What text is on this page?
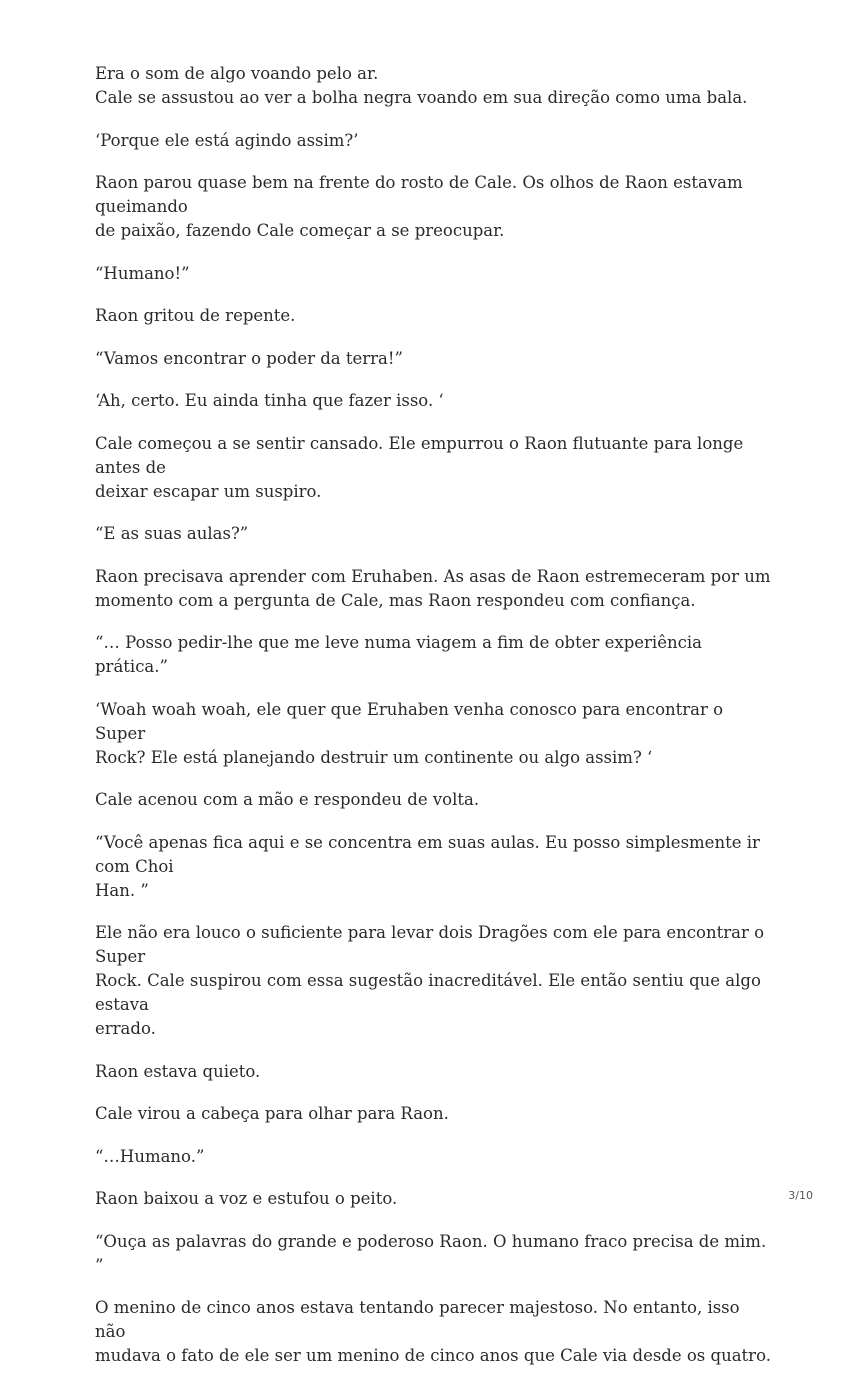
Era o som de algo voando pelo ar.
Cale se assustou ao ver a bolha negra voando em sua direção como uma bala.

‘Porque ele está agindo assim?’

Raon parou quase bem na frente do rosto de Cale. Os olhos de Raon estavam queimando
de paixão, fazendo Cale começar a se preocupar.

“Humano!”

Raon gritou de repente.

“Vamos encontrar o poder da terra!”

‘Ah, certo. Eu ainda tinha que fazer isso. ‘

Cale começou a se sentir cansado. Ele empurrou o Raon flutuante para longe antes de
deixar escapar um suspiro.

“E as suas aulas?”

Raon precisava aprender com Eruhaben. As asas de Raon estremeceram por um
momento com a pergunta de Cale, mas Raon respondeu com confiança.

“… Posso pedir-lhe que me leve numa viagem a fim de obter experiência prática.”

‘Woah woah woah, ele quer que Eruhaben venha conosco para encontrar o Super
Rock? Ele está planejando destruir um continente ou algo assim? ‘

Cale acenou com a mão e respondeu de volta.

“Você apenas fica aqui e se concentra em suas aulas. Eu posso simplesmente ir com Choi
Han. ”

Ele não era louco o suficiente para levar dois Dragões com ele para encontrar o Super
Rock. Cale suspirou com essa sugestão inacreditável. Ele então sentiu que algo estava
errado.

Raon estava quieto.

Cale virou a cabeça para olhar para Raon.

“…Humano.”

Raon baixou a voz e estufou o peito.

“Ouça as palavras do grande e poderoso Raon. O humano fraco precisa de mim. ”

O menino de cinco anos estava tentando parecer majestoso. No entanto, isso não
mudava o fato de ele ser um menino de cinco anos que Cale via desde os quatro.

3/10
